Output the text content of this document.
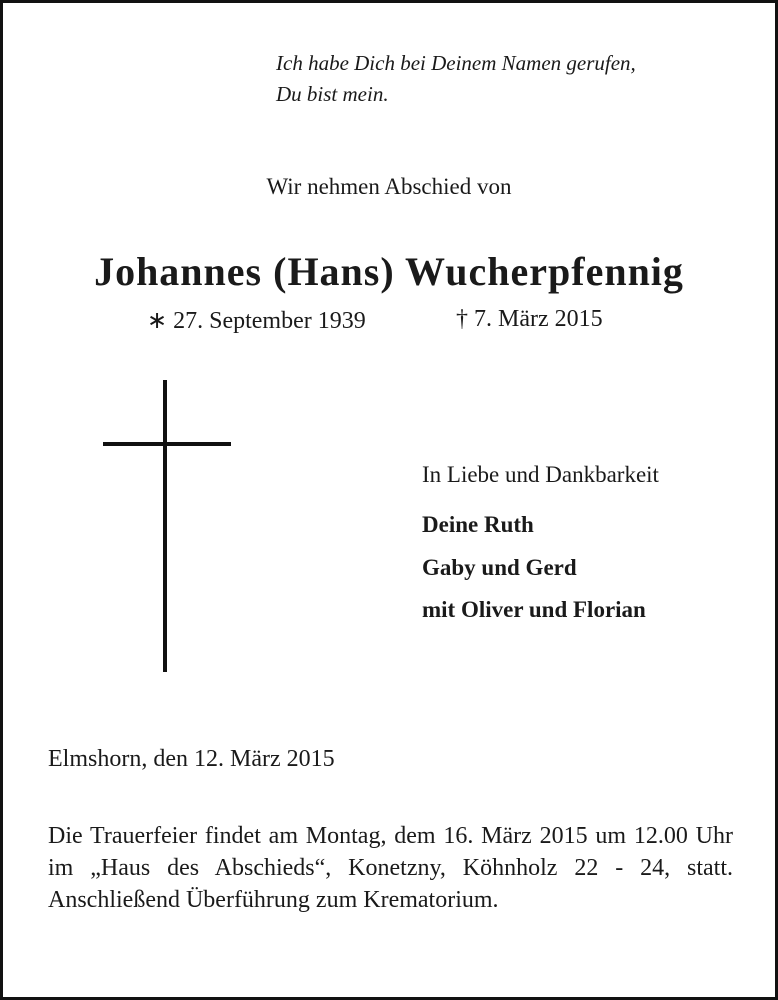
Ich habe Dich bei Deinem Namen gerufen,
Du bist mein.
Wir nehmen Abschied von
Johannes (Hans) Wucherpfennig
∗ 27. September 1939	† 7. März 2015
In Liebe und Dankbarkeit
Deine Ruth
Gaby und Gerd
mit Oliver und Florian
Elmshorn, den 12. März 2015
Die Trauerfeier findet am Montag, dem 16. März 2015 um 12.00 Uhr im „Haus des Abschieds“, Konetzny, Köhnholz 22 - 24, statt. Anschließend Überführung zum Krematorium.
